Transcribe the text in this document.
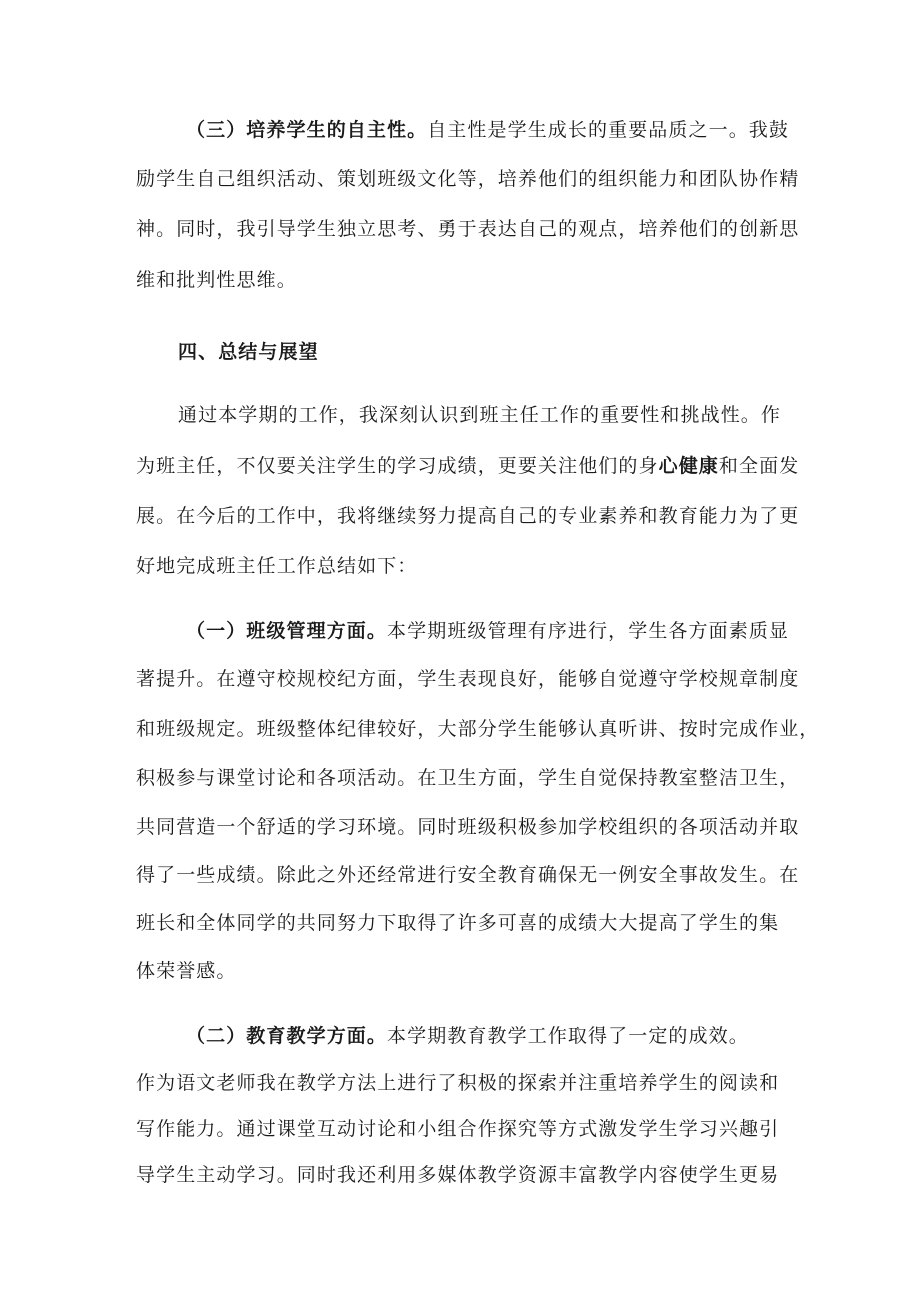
（三）培养学生的自主性。自主性是学生成长的重要品质之一。我鼓
励学生自己组织活动、策划班级文化等，培养他们的组织能力和团队协作精
神。同时，我引导学生独立思考、勇于表达自己的观点，培养他们的创新思
维和批判性思维。
四、总结与展望
通过本学期的工作，我深刻认识到班主任工作的重要性和挑战性。作
为班主任，不仅要关注学生的学习成绩，更要关注他们的身心健康和全面发
展。在今后的工作中，我将继续努力提高自己的专业素养和教育能力为了更
好地完成班主任工作总结如下：
（一）班级管理方面。本学期班级管理有序进行，学生各方面素质显
著提升。在遵守校规校纪方面，学生表现良好，能够自觉遵守学校规章制度
和班级规定。班级整体纪律较好，大部分学生能够认真听讲、按时完成作业，
积极参与课堂讨论和各项活动。在卫生方面，学生自觉保持教室整洁卫生，
共同营造一个舒适的学习环境。同时班级积极参加学校组织的各项活动并取
得了一些成绩。除此之外还经常进行安全教育确保无一例安全事故发生。在
班长和全体同学的共同努力下取得了许多可喜的成绩大大提高了学生的集
体荣誉感。
（二）教育教学方面。本学期教育教学工作取得了一定的成效。
作为语文老师我在教学方法上进行了积极的探索并注重培养学生的阅读和
写作能力。通过课堂互动讨论和小组合作探究等方式激发学生学习兴趣引
导学生主动学习。同时我还利用多媒体教学资源丰富教学内容使学生更易
